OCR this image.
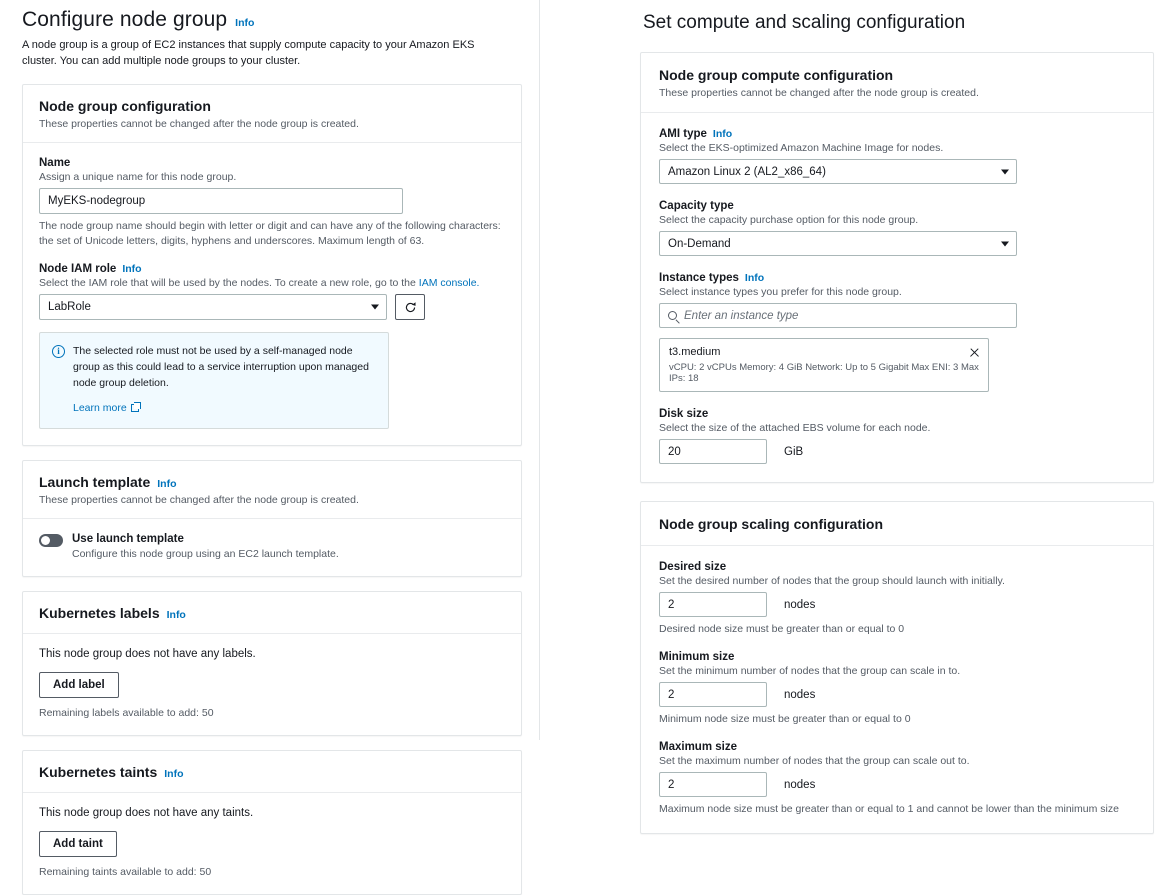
Configure node group Info
A node group is a group of EC2 instances that supply compute capacity to your Amazon EKS cluster. You can add multiple node groups to your cluster.
Node group configuration
These properties cannot be changed after the node group is created.
Name
Assign a unique name for this node group.
MyEKS-nodegroup
The node group name should begin with letter or digit and can have any of the following characters: the set of Unicode letters, digits, hyphens and underscores. Maximum length of 63.
Node IAM role Info
Select the IAM role that will be used by the nodes. To create a new role, go to the IAM console.
LabRole
i	The selected role must not be used by a self-managed node group as this could lead to a service interruption upon managed node group deletion.
Learn more
Launch template Info
These properties cannot be changed after the node group is created.
Use launch template
Configure this node group using an EC2 launch template.
Kubernetes labels Info
This node group does not have any labels.
Add label
Remaining labels available to add: 50
Kubernetes taints Info
This node group does not have any taints.
Add taint
Remaining taints available to add: 50
Set compute and scaling configuration
Node group compute configuration
These properties cannot be changed after the node group is created.
AMI type Info
Select the EKS-optimized Amazon Machine Image for nodes.
Amazon Linux 2 (AL2_x86_64)
Capacity type
Select the capacity purchase option for this node group.
On-Demand
Instance types Info
Select instance types you prefer for this node group.
Enter an instance type
t3.medium
vCPU: 2 vCPUs Memory: 4 GiB Network: Up to 5 Gigabit Max ENI: 3 Max IPs: 18
Disk size
Select the size of the attached EBS volume for each node.
20
GiB
Node group scaling configuration
Desired size
Set the desired number of nodes that the group should launch with initially.
2
nodes
Desired node size must be greater than or equal to 0
Minimum size
Set the minimum number of nodes that the group can scale in to.
2
nodes
Minimum node size must be greater than or equal to 0
Maximum size
Set the maximum number of nodes that the group can scale out to.
2
nodes
Maximum node size must be greater than or equal to 1 and cannot be lower than the minimum size
